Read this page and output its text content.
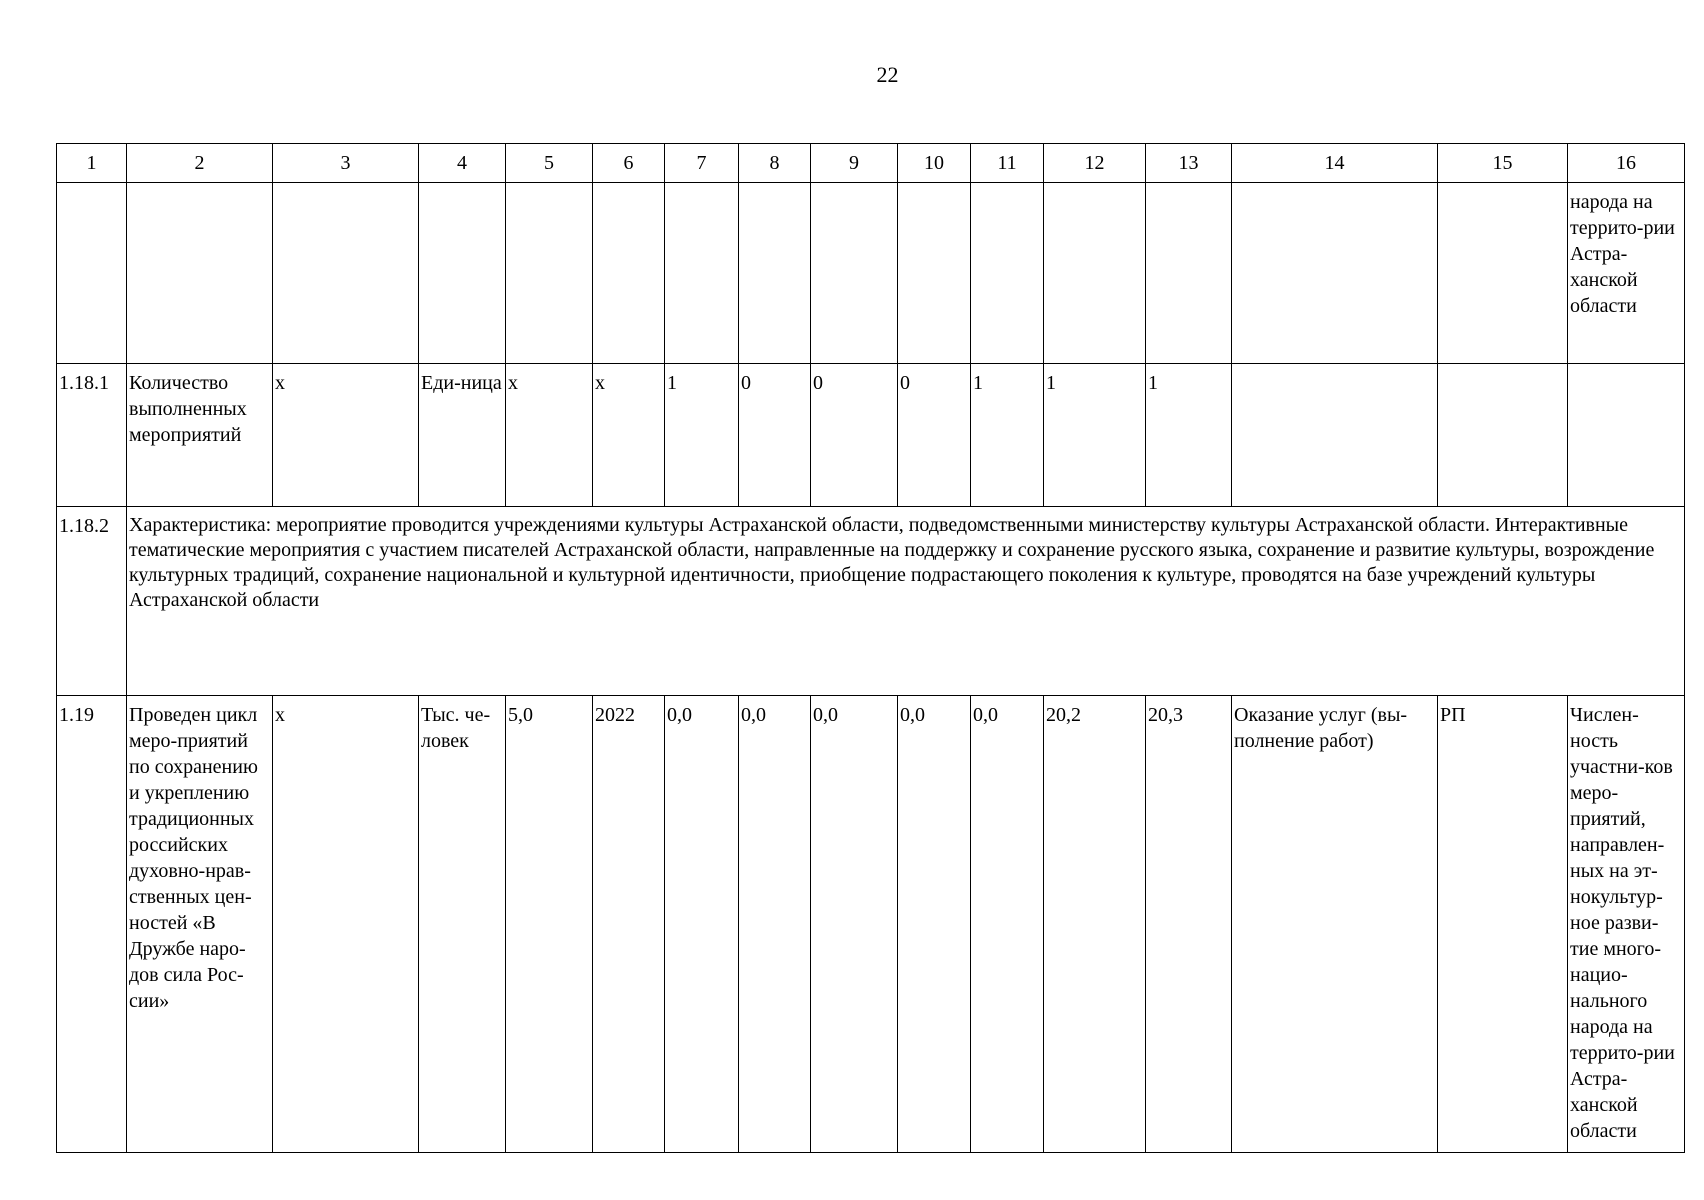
22
1	2	3	4	5	6	7	8	9	10	11	12	13	14	15	16
															народа на террито-рии Астра-ханской области
1.18.1	Количество выполненных мероприятий	x	Еди-ница	x	x	1	0	0	0	1	1	1			
1.18.2	Характеристика: мероприятие проводится учреждениями культуры Астраханской области, подведомственными министерству культуры Астраханской области. Интерактивные тематические мероприятия с участием писателей Астраханской области, направленные на поддержку и сохранение русского языка, сохранение и развитие культуры, возрождение культурных традиций, сохранение национальной и культурной идентичности, приобщение подрастающего поколения к культуре, проводятся на базе учреждений культуры Астраханской области														
1.19	Проведен цикл меро-приятий по сохранению и укреплению традиционных российских духовно-нрав-ственных цен-ностей «В Дружбе наро-дов сила Рос-сии»	x	Тыс. че-ловек	5,0	2022	0,0	0,0	0,0	0,0	0,0	20,2	20,3	Оказание услуг (вы-полнение работ)	РП	Числен-ность участни-ков меро-приятий, направлен-ных на эт-нокультур-ное разви-тие много-нацио-нального народа на террито-рии Астра-ханской области
